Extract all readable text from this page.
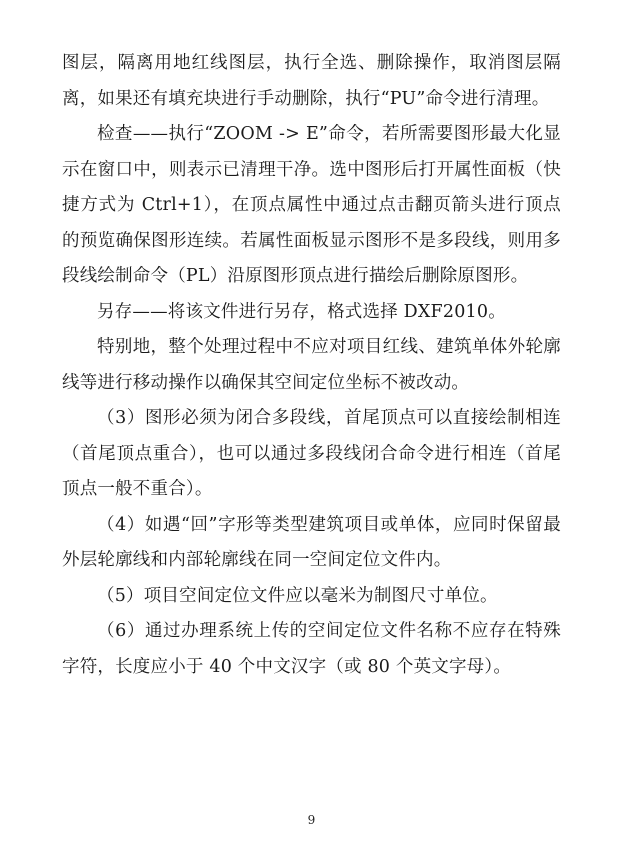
图层，隔离用地红线图层，执行全选、删除操作，取消图层隔离，如果还有填充块进行手动删除，执行“PU”命令进行清理。

检查——执行“ZOOM -> E”命令，若所需要图形最大化显示在窗口中，则表示已清理干净。选中图形后打开属性面板（快捷方式为 Ctrl+1），在顶点属性中通过点击翻页箭头进行顶点的预览确保图形连续。若属性面板显示图形不是多段线，则用多段线绘制命令（PL）沿原图形顶点进行描绘后删除原图形。

另存——将该文件进行另存，格式选择 DXF2010。

特别地，整个处理过程中不应对项目红线、建筑单体外轮廓线等进行移动操作以确保其空间定位坐标不被改动。

（3）图形必须为闭合多段线，首尾顶点可以直接绘制相连（首尾顶点重合），也可以通过多段线闭合命令进行相连（首尾顶点一般不重合）。

（4）如遇“回”字形等类型建筑项目或单体，应同时保留最外层轮廓线和内部轮廓线在同一空间定位文件内。

（5）项目空间定位文件应以毫米为制图尺寸单位。

（6）通过办理系统上传的空间定位文件名称不应存在特殊字符，长度应小于 40 个中文汉字（或 80 个英文字母）。

9
